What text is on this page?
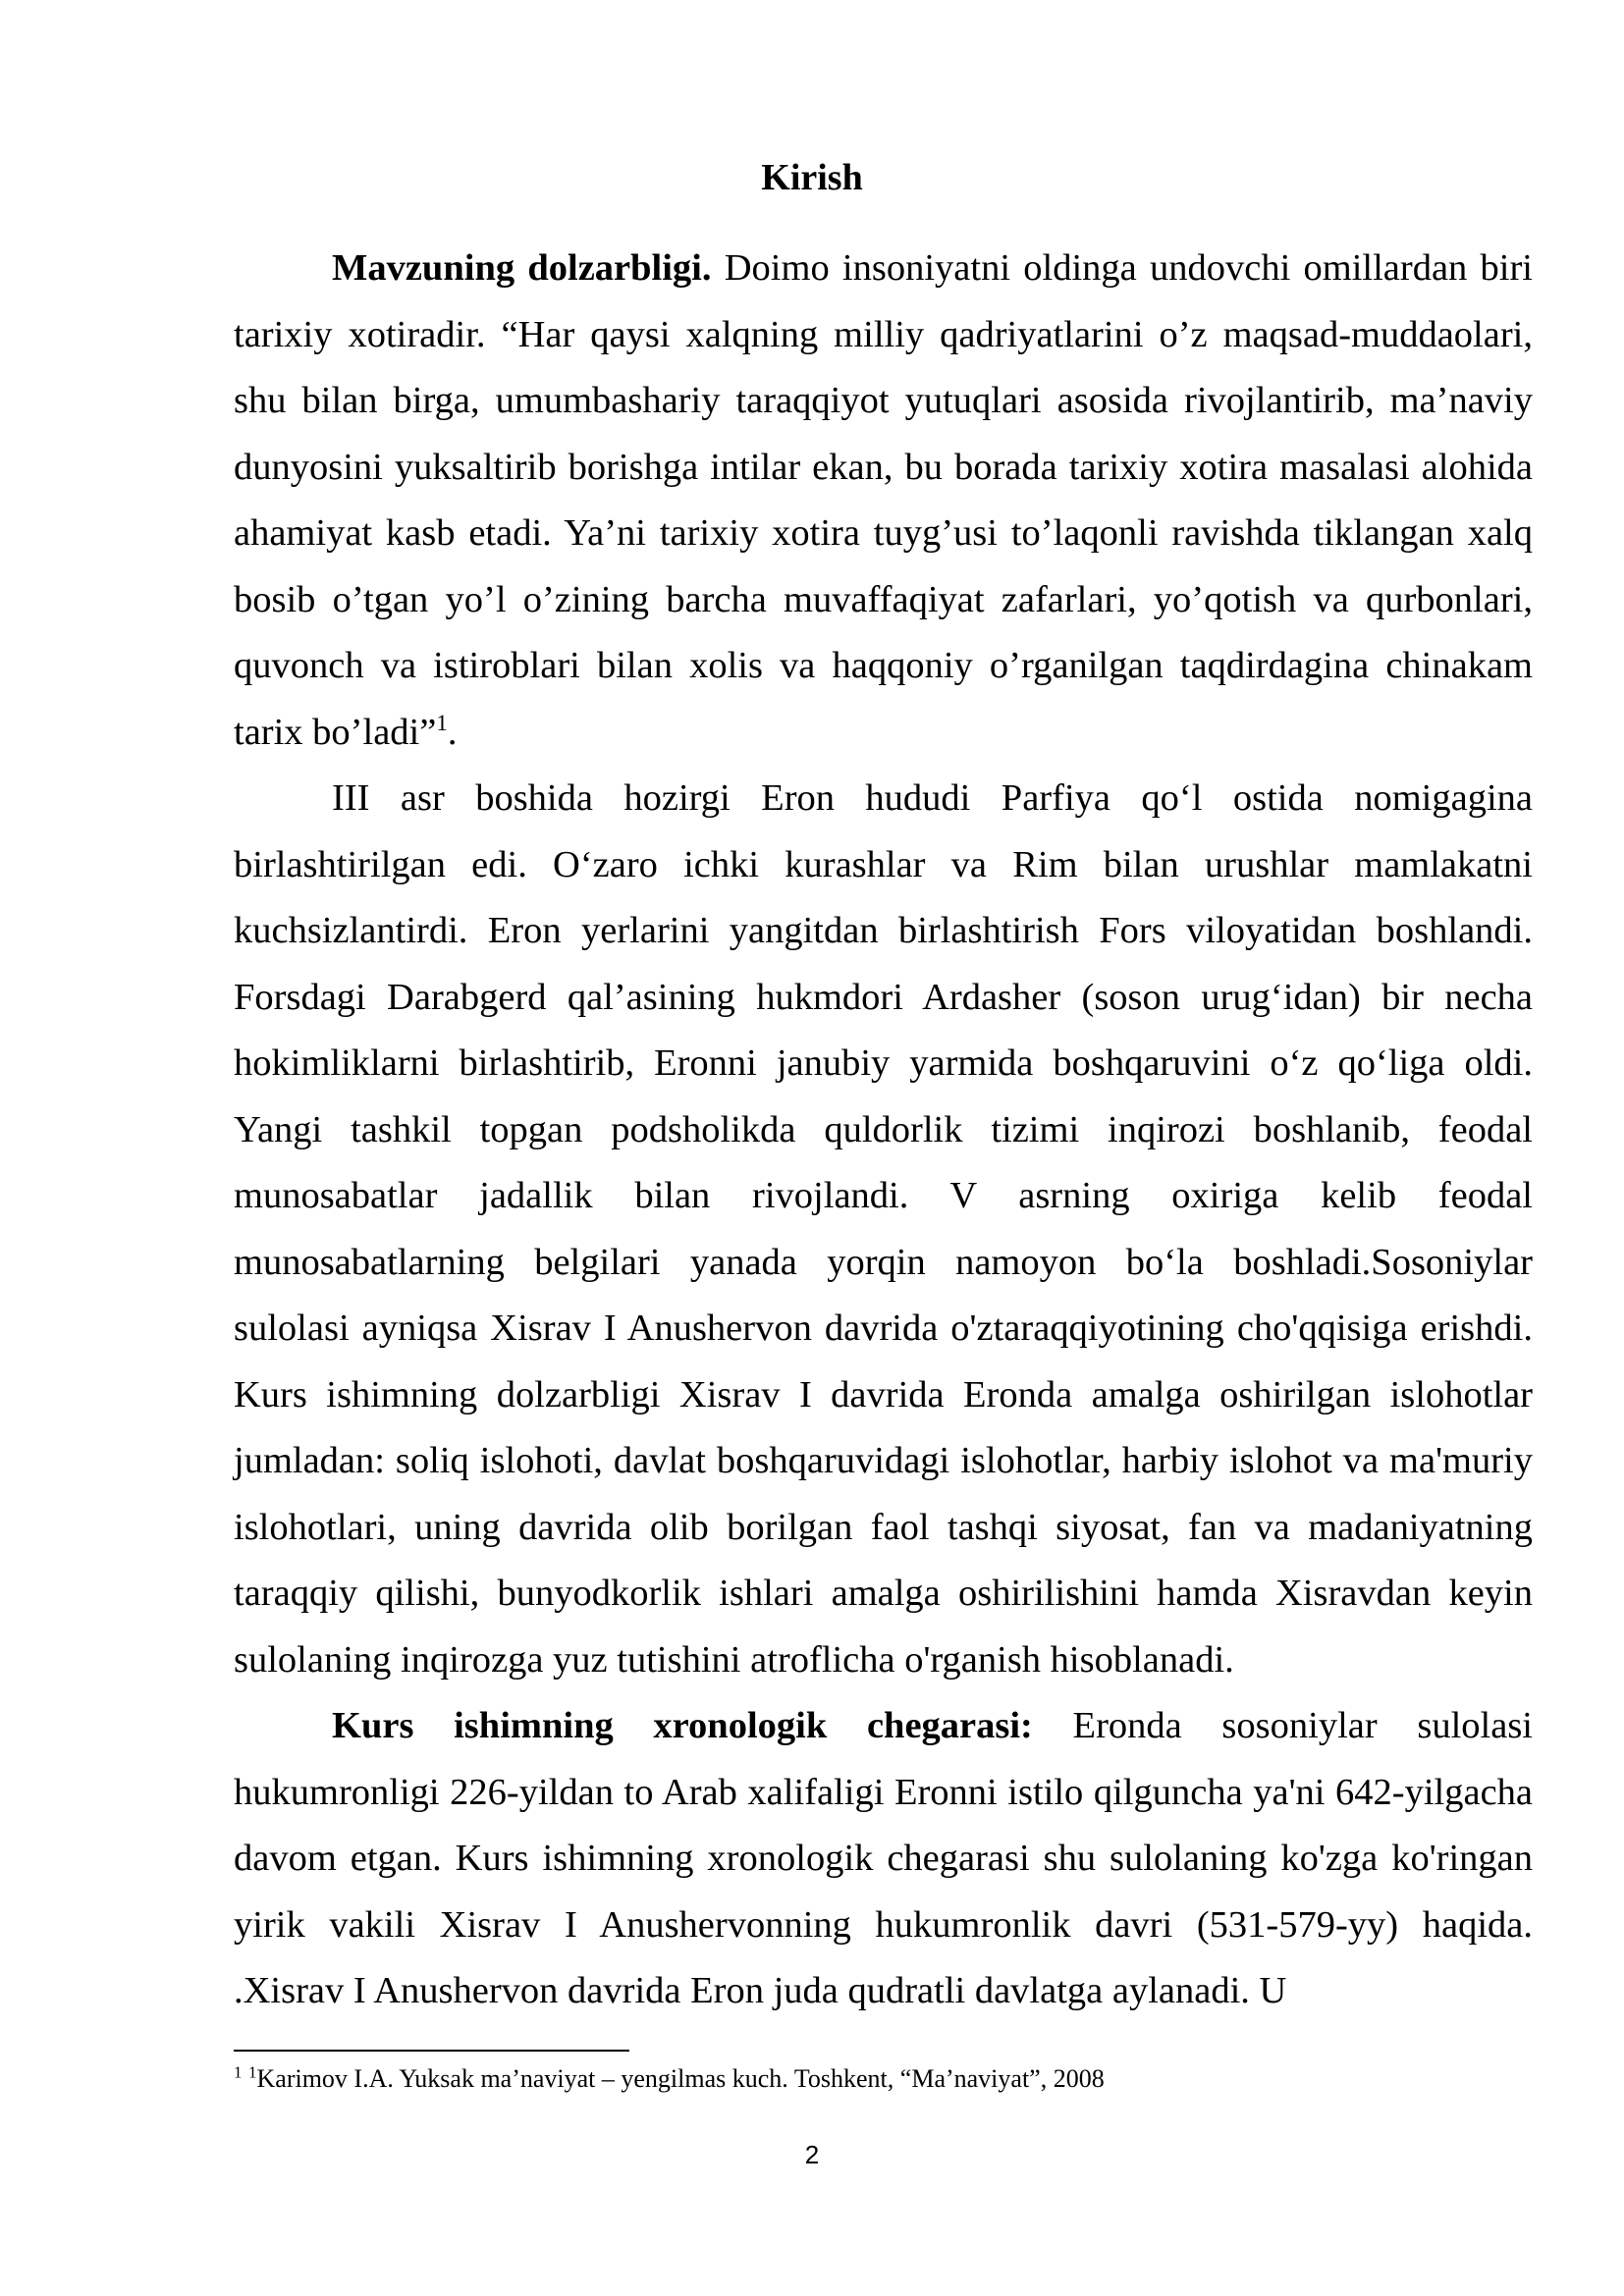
Kirish

Mavzuning dolzarbligi. Doimo insoniyatni oldinga undovchi omillardan biri tarixiy xotiradir. “Har qaysi xalqning milliy qadriyatlarini o’z maqsad-muddaolari, shu bilan birga, umumbashariy taraqqiyot yutuqlari asosida rivojlantirib, ma’naviy dunyosini yuksaltirib borishga intilar ekan, bu borada tarixiy xotira masalasi alohida ahamiyat kasb etadi. Ya’ni tarixiy xotira tuyg’usi to’laqonli ravishda tiklangan xalq bosib o’tgan yo’l o’zining barcha muvaffaqiyat zafarlari, yo’qotish va qurbonlari, quvonch va istiroblari bilan xolis va haqqoniy o’rganilgan taqdirdagina chinakam tarix bo’ladi”$^1$.

III asr boshida hozirgi Eron hududi Parfiya qo‘l ostida nomigagina birlashtirilgan edi. O‘zaro ichki kurashlar va Rim bilan urushlar mamlakatni kuchsizlantirdi. Eron yerlarini yangitdan birlashtirish Fors viloyatidan boshlandi. Forsdagi Darabgerd qal’asining hukmdori Ardasher (soson urug‘idan) bir necha hokimliklarni birlashtirib, Eronni janubiy yarmida boshqaruvini o‘z qo‘liga oldi. Yangi tashkil topgan podsholikda quldorlik tizimi inqirozi boshlanib, feodal munosabatlar jadallik bilan rivojlandi. V asrning oxiriga kelib feodal munosabatlarning belgilari yanada yorqin namoyon bo‘la boshladi.Sosoniylar sulolasi ayniqsa Xisrav I Anushervon davrida o'ztaraqqiyotining cho'qqisiga erishdi. Kurs ishimning dolzarbligi Xisrav I davrida Eronda amalga oshirilgan islohotlar jumladan: soliq islohoti, davlat boshqaruvidagi islohotlar, harbiy islohot va ma'muriy islohotlari, uning davrida olib borilgan faol tashqi siyosat, fan va madaniyatning taraqqiy qilishi, bunyodkorlik ishlari amalga oshirilishini hamda Xisravdan keyin sulolaning inqirozga yuz tutishini atroflicha o'rganish hisoblanadi.

Kurs ishimning xronologik chegarasi: Eronda sosoniylar sulolasi hukumronligi 226-yildan to Arab xalifaligi Eronni istilo qilguncha ya'ni 642-yilgacha davom etgan. Kurs ishimning xronologik chegarasi shu sulolaning ko'zga ko'ringan yirik vakili Xisrav I Anushervonning hukumronlik davri (531-579-yy) haqida. .Xisrav I Anushervon davrida Eron juda qudratli davlatga aylanadi. U

$^1$ $^1$Karimov I.A. Yuksak ma’naviyat – yengilmas kuch. Toshkent, “Ma’naviyat”, 2008
2
